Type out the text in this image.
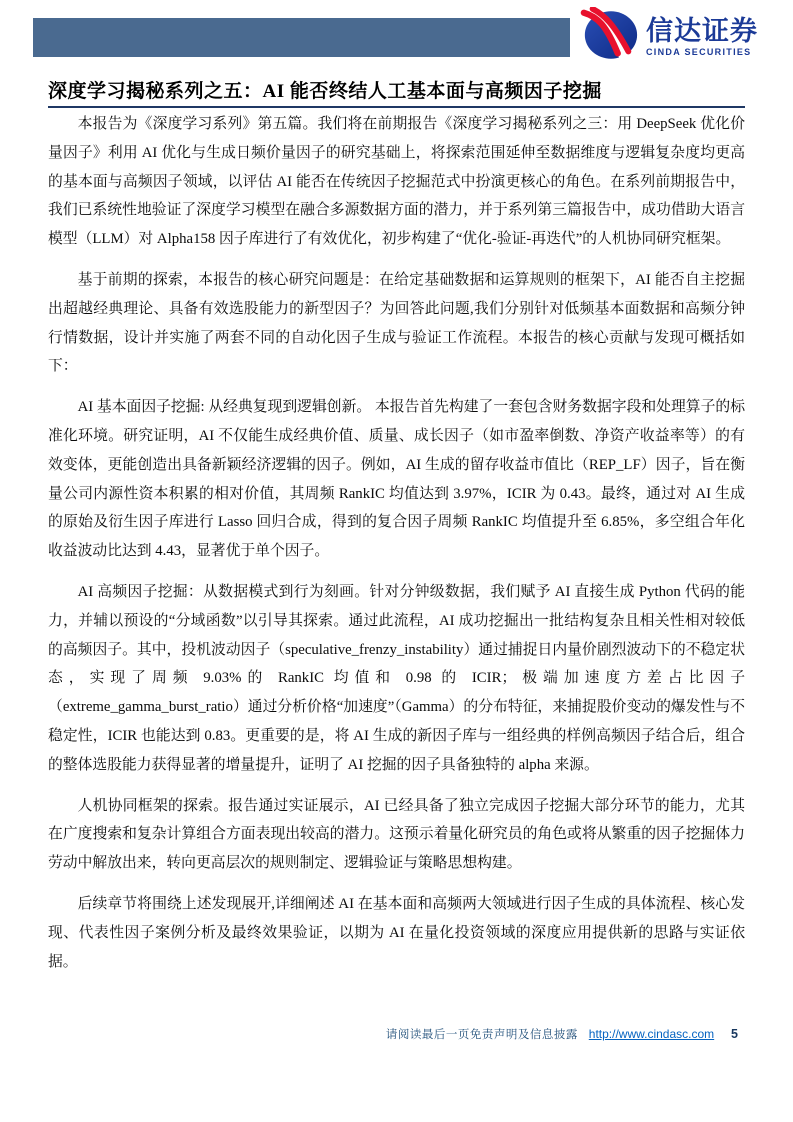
信达证券
CINDA SECURITIES
深度学习揭秘系列之五：AI 能否终结人工基本面与高频因子挖掘

本报告为《深度学习系列》第五篇。我们将在前期报告《深度学习揭秘系列之三：用 DeepSeek 优化价量因子》利用 AI 优化与生成日频价量因子的研究基础上，将探索范围延伸至数据维度与逻辑复杂度均更高的基本面与高频因子领域，以评估 AI 能否在传统因子挖掘范式中扮演更核心的角色。在系列前期报告中，我们已系统性地验证了深度学习模型在融合多源数据方面的潜力，并于系列第三篇报告中，成功借助大语言模型（LLM）对 Alpha158 因子库进行了有效优化，初步构建了“优化-验证-再迭代”的人机协同研究框架。

基于前期的探索，本报告的核心研究问题是：在给定基础数据和运算规则的框架下，AI 能否自主挖掘出超越经典理论、具备有效选股能力的新型因子？为回答此问题,我们分别针对低频基本面数据和高频分钟行情数据，设计并实施了两套不同的自动化因子生成与验证工作流程。本报告的核心贡献与发现可概括如下：

AI 基本面因子挖掘: 从经典复现到逻辑创新。 本报告首先构建了一套包含财务数据字段和处理算子的标准化环境。研究证明，AI 不仅能生成经典价值、质量、成长因子（如市盈率倒数、净资产收益率等）的有效变体，更能创造出具备新颖经济逻辑的因子。例如，AI 生成的留存收益市值比（REP_LF）因子，旨在衡量公司内源性资本积累的相对价值，其周频 RankIC 均值达到 3.97%，ICIR 为 0.43。最终，通过对 AI 生成的原始及衍生因子库进行 Lasso 回归合成，得到的复合因子周频 RankIC 均值提升至 6.85%，多空组合年化收益波动比达到 4.43，显著优于单个因子。

AI 高频因子挖掘：从数据模式到行为刻画。针对分钟级数据，我们赋予 AI 直接生成 Python 代码的能力，并辅以预设的“分域函数”以引导其探索。通过此流程，AI 成功挖掘出一批结构复杂且相关性相对较低的高频因子。其中，投机波动因子（speculative_frenzy_instability）通过捕捉日内量价剧烈波动下的不稳定状态，实现了周频 9.03%的 RankIC 均值和 0.98 的 ICIR；极端加速度方差占比因子（extreme_gamma_burst_ratio）通过分析价格“加速度”（Gamma）的分布特征，来捕捉股价变动的爆发性与不稳定性，ICIR 也能达到 0.83。更重要的是，将 AI 生成的新因子库与一组经典的样例高频因子结合后，组合的整体选股能力获得显著的增量提升，证明了 AI 挖掘的因子具备独特的 alpha 来源。

人机协同框架的探索。报告通过实证展示，AI 已经具备了独立完成因子挖掘大部分环节的能力，尤其在广度搜索和复杂计算组合方面表现出较高的潜力。这预示着量化研究员的角色或将从繁重的因子挖掘体力劳动中解放出来，转向更高层次的规则制定、逻辑验证与策略思想构建。

后续章节将围绕上述发现展开,详细阐述 AI 在基本面和高频两大领域进行因子生成的具体流程、核心发现、代表性因子案例分析及最终效果验证，以期为 AI 在量化投资领域的深度应用提供新的思路与实证依据。

请阅读最后一页免责声明及信息披露 http://www.cindasc.com 5
